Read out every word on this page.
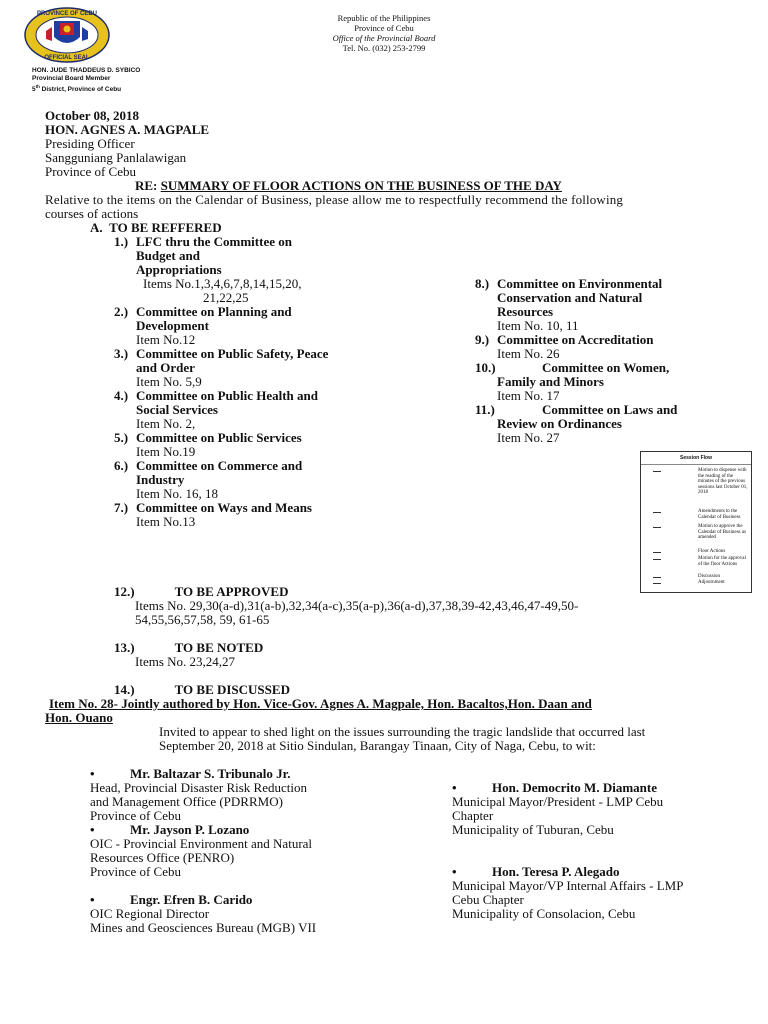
PROVINCE OF CEBU
OFFICIAL SEAL
Republic of the Philippines
Province of Cebu
Office of the Provincial Board
Tel. No. (032) 253-2799
HON. JUDE THADDEUS D. SYBICO
Provincial Board Member
5th District, Province of Cebu
October 08, 2018
HON. AGNES A. MAGPALE
Presiding Officer
Sangguniang Panlalawigan
Province of Cebu
RE: SUMMARY OF FLOOR ACTIONS ON THE BUSINESS OF THE DAY
Relative to the items on the Calendar of Business, please allow me to respectfully recommend the following
courses of actions
A. TO BE REFFERED
1.) LFC thru the Committee on
Budget and
Appropriations
Items No.1,3,4,6,7,8,14,15,20,
21,22,25
2.) Committee on Planning and
Development
Item No.12
3.) Committee on Public Safety, Peace
and Order
Item No. 5,9
4.) Committee on Public Health and
Social Services
Item No. 2,
5.) Committee on Public Services
Item No.19
6.) Committee on Commerce and
Industry
Item No. 16, 18
7.) Committee on Ways and Means
Item No.13
8.) Committee on Environmental
Conservation and Natural
Resources
Item No. 10, 11
9.) Committee on Accreditation
Item No. 26
10.)	Committee on Women,
Family and Minors
Item No. 17
11.)	Committee on Laws and
Review on Ordinances
Item No. 27
Session Flow
Motion to dispense with the reading of the minutes of the previous sessions last October 01, 2018
Amendments to the Calendar of Business
Motion to approve the Calendar of Business as amended
Floor Actions
Motion for the approval of the floor Actions
Discussion
Adjournment
12.)	TO BE APPROVED
Items No. 29,30(a-d),31(a-b),32,34(a-c),35(a-p),36(a-d),37,38,39-42,43,46,47-49,50-
54,55,56,57,58, 59, 61-65
13.)	TO BE NOTED
Items No. 23,24,27
14.)	TO BE DISCUSSED
Item No. 28- Jointly authored by Hon. Vice-Gov. Agnes A. Magpale, Hon. Bacaltos,Hon. Daan and
Hon. Ouano
Invited to appear to shed light on the issues surrounding the tragic landslide that occurred last
September 20, 2018 at Sitio Sindulan, Barangay Tinaan, City of Naga, Cebu, to wit:
•	Mr. Baltazar S. Tribunalo Jr.
Head, Provincial Disaster Risk Reduction
and Management Office (PDRRMO)
Province of Cebu
•	Mr. Jayson P. Lozano
OIC - Provincial Environment and Natural
Resources Office (PENRO)
Province of Cebu
•	Engr. Efren B. Carido
OIC Regional Director
Mines and Geosciences Bureau (MGB) VII
•	Hon. Democrito M. Diamante
Municipal Mayor/President - LMP Cebu
Chapter
Municipality of Tuburan, Cebu
•	Hon. Teresa P. Alegado
Municipal Mayor/VP Internal Affairs - LMP
Cebu Chapter
Municipality of Consolacion, Cebu
